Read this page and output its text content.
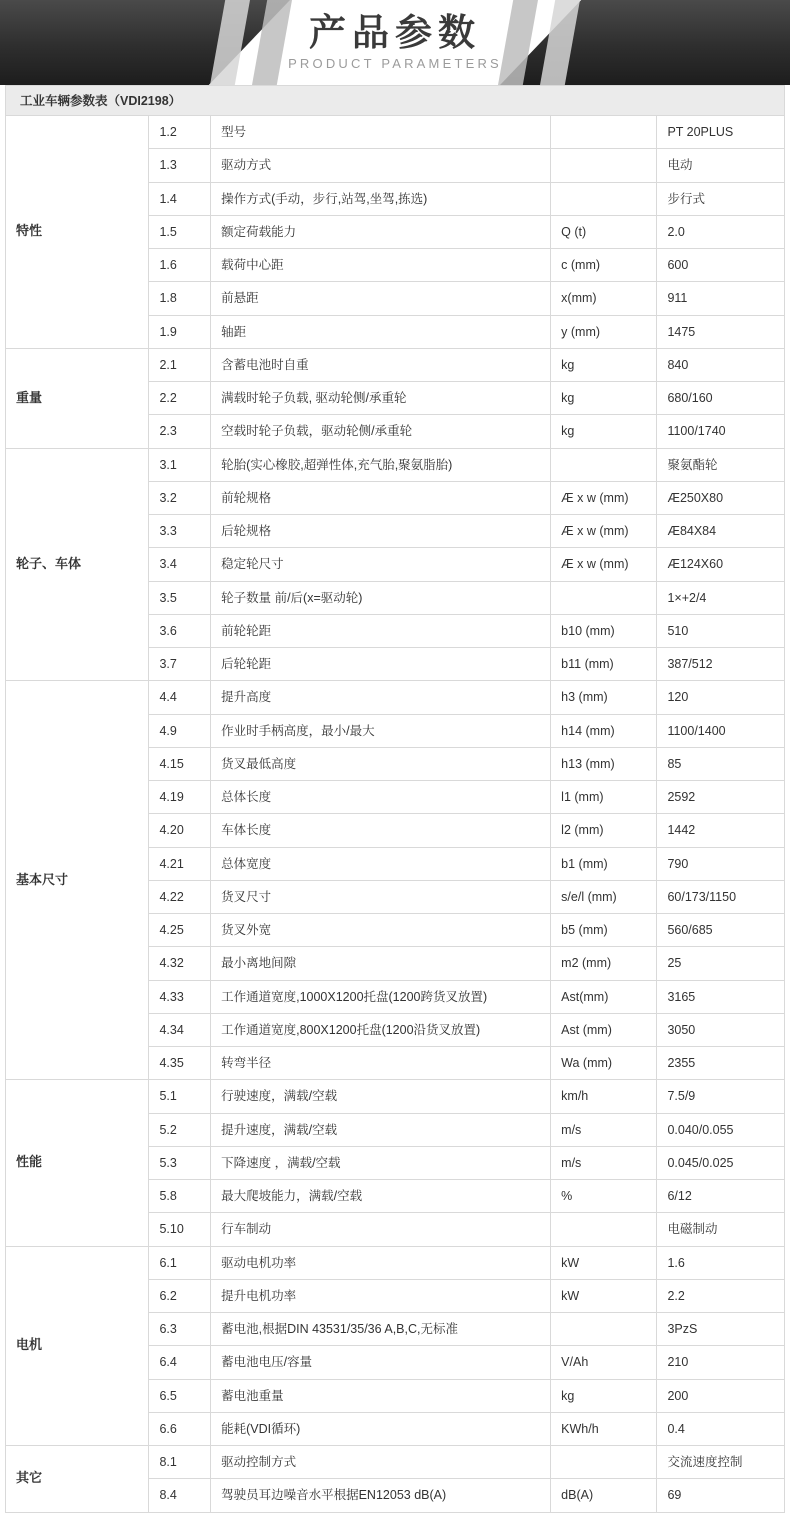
产品参数
PRODUCT PARAMETERS
工业车辆参数表（VDI2198）
特性	1.2	型号		PT 20PLUS
	1.3	驱动方式		电动
	1.4	操作方式(手动，步行,站驾,坐驾,拣选)		步行式
	1.5	额定荷载能力	Q (t)	2.0
	1.6	载荷中心距	c (mm)	600
	1.8	前悬距	x(mm)	911
	1.9	轴距	y (mm)	1475
重量	2.1	含蓄电池时自重	kg	840
	2.2	满载时轮子负载, 驱动轮侧/承重轮	kg	680/160
	2.3	空载时轮子负载，驱动轮侧/承重轮	kg	1100/1740
轮子、车体	3.1	轮胎(实心橡胶,超弹性体,充气胎,聚氨脂胎)		聚氨酯轮
	3.2	前轮规格	Æ x w (mm)	Æ250X80
	3.3	后轮规格	Æ x w (mm)	Æ84X84
	3.4	稳定轮尺寸	Æ x w (mm)	Æ124X60
	3.5	轮子数量 前/后(x=驱动轮)		1×+2/4
	3.6	前轮轮距	b10 (mm)	510
	3.7	后轮轮距	b11 (mm)	387/512
基本尺寸	4.4	提升高度	h3 (mm)	120
	4.9	作业时手柄高度，最小/最大	h14 (mm)	1100/1400
	4.15	货叉最低高度	h13 (mm)	85
	4.19	总体长度	l1 (mm)	2592
	4.20	车体长度	l2 (mm)	1442
	4.21	总体宽度	b1 (mm)	790
	4.22	货叉尺寸	s/e/l (mm)	60/173/1150
	4.25	货叉外宽	b5 (mm)	560/685
	4.32	最小离地间隙	m2 (mm)	25
	4.33	工作通道宽度,1000X1200托盘(1200跨货叉放置)	Ast(mm)	3165
	4.34	工作通道宽度,800X1200托盘(1200沿货叉放置)	Ast (mm)	3050
	4.35	转弯半径	Wa (mm)	2355
性能	5.1	行驶速度，满载/空载	km/h	7.5/9
	5.2	提升速度，满载/空载	m/s	0.040/0.055
	5.3	下降速度 ，满载/空载	m/s	0.045/0.025
	5.8	最大爬坡能力，满载/空载	%	6/12
	5.10	行车制动		电磁制动
电机	6.1	驱动电机功率	kW	1.6
	6.2	提升电机功率	kW	2.2
	6.3	蓄电池,根据DIN 43531/35/36 A,B,C,无标准		3PzS
	6.4	蓄电池电压/容量	V/Ah	210
	6.5	蓄电池重量	kg	200
	6.6	能耗(VDI循环)	KWh/h	0.4
其它	8.1	驱动控制方式		交流速度控制
	8.4	驾驶员耳边噪音水平根据EN12053 dB(A)	dB(A)	69
